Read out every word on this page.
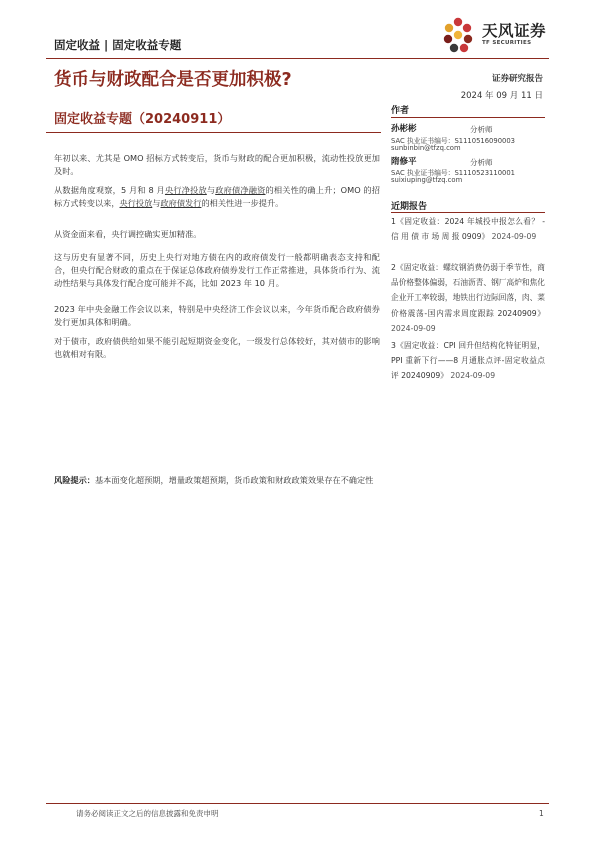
固定收益 | 固定收益专题
天风证券
TF SECURITIES
货币与财政配合是否更加积极?	证券研究报告
2024 年 09 月 11 日
固定收益专题（20240911）
年初以来、尤其是 OMO 招标方式转变后，货币与财政的配合更加积极，流动性投放更加及时。
从数据角度观察，5 月和 8 月央行净投放与政府债净融资的相关性的确上升；OMO 的招标方式转变以来，央行投放与政府债发行的相关性进一步提升。
从资金面来看，央行调控确实更加精准。
这与历史有显著不同，历史上央行对地方债在内的政府债发行一般都明确表态支持和配合，但央行配合财政的重点在于保证总体政府债券发行工作正常推进，具体货币行为、流动性结果与具体发行配合度可能并不高，比如 2023 年 10 月。
2023 年中央金融工作会议以来，特别是中央经济工作会议以来，今年货币配合政府债券发行更加具体和明确。
对于债市，政府债供给如果不能引起短期资金变化，一级发行总体较好，其对债市的影响也就相对有限。
风险提示：基本面变化超预期，增量政策超预期，货币政策和财政政策效果存在不确定性
作者
孙彬彬	分析师
SAC 执业证书编号：S1110516090003
sunbinbin@tfzq.com
隋修平	分析师
SAC 执业证书编号：S1110523110001
suixiuping@tfzq.com
近期报告
1《固定收益：2024 年城投中报怎么看？ - 信 用 债 市 场 周 报 0909》 2024-09-09
2《固定收益：螺纹钢消费仍弱于季节性，商品价格整体偏弱，石油沥青、钢厂高炉和焦化企业开工率较弱，地铁出行边际回落，肉、菜价格震荡-国内需求周度跟踪 20240909》 2024-09-09
3《固定收益：CPI 回升但结构化特征明显，PPI 重新下行——8 月通胀点评-固定收益点评 20240909》 2024-09-09
请务必阅读正文之后的信息披露和免责申明	1
